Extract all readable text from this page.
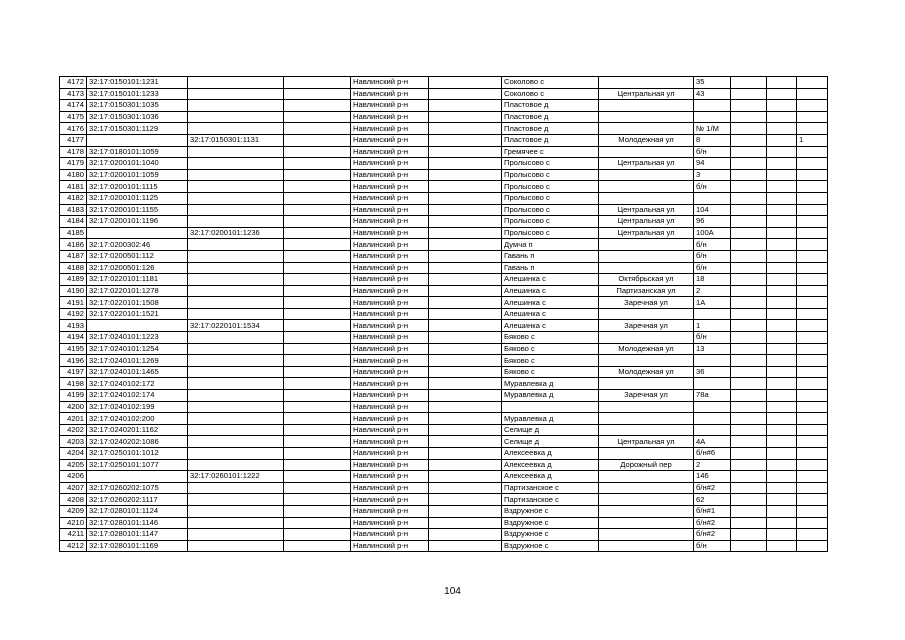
4172	32:17:0150101:1231			Навлинский р-н		Соколово с		35			
4173	32:17:0150101:1233			Навлинский р-н		Соколово с	Центральная ул	43			
4174	32:17:0150301:1035			Навлинский р-н		Пластовое д					
4175	32:17:0150301:1036			Навлинский р-н		Пластовое д					
4176	32:17:0150301:1129			Навлинский р-н		Пластовое д		№ 1/М			
4177		32:17:0150301:1131		Навлинский р-н		Пластовое д	Молодежная ул	8			1
4178	32:17:0180101:1059			Навлинский р-н		Гремячее с		б/н			
4179	32:17:0200101:1040			Навлинский р-н		Пролысово с	Центральная ул	94			
4180	32:17:0200101:1059			Навлинский р-н		Пролысово с		3			
4181	32:17:0200101:1115			Навлинский р-н		Пролысово с		б/н			
4182	32:17:0200101:1125			Навлинский р-н		Пролысово с					
4183	32:17:0200101:1155			Навлинский р-н		Пролысово с	Центральная ул	104			
4184	32:17:0200101:1196			Навлинский р-н		Пролысово с	Центральная ул	96			
4185		32:17:0200101:1236		Навлинский р-н		Пролысово с	Центральная ул	100А			
4186	32:17:0200302:46			Навлинский р-н		Думча п		б/н			
4187	32:17:0200501:112			Навлинский р-н		Гавань п		б/н			
4188	32:17:0200501:126			Навлинский р-н		Гавань п		б/н			
4189	32:17:0220101:1181			Навлинский р-н		Алешинка с	Октябрьская ул	18			
4190	32:17:0220101:1278			Навлинский р-н		Алешинка с	Партизанская ул	2			
4191	32:17:0220101:1508			Навлинский р-н		Алешинка с	Заречная ул	1А			
4192	32:17:0220101:1521			Навлинский р-н		Алешинка с					
4193		32:17:0220101:1534		Навлинский р-н		Алешинка с	Заречная ул	1			
4194	32:17:0240101:1223			Навлинский р-н		Бяково с		б/н			
4195	32:17:0240101:1254			Навлинский р-н		Бяково с	Молодежная ул	13			
4196	32:17:0240101:1269			Навлинский р-н		Бяково с					
4197	32:17:0240101:1465			Навлинский р-н		Бяково с	Молодежная ул	36			
4198	32:17:0240102:172			Навлинский р-н		Муравлевка д					
4199	32:17:0240102:174			Навлинский р-н		Муравлевка д	Заречная ул	78а			
4200	32:17:0240102:199			Навлинский р-н							
4201	32:17:0240102:200			Навлинский р-н		Муравлевка д					
4202	32:17:0240201:1162			Навлинский р-н		Селище д					
4203	32:17:0240202:1086			Навлинский р-н		Селище д	Центральная ул	4А			
4204	32:17:0250101:1012			Навлинский р-н		Алексеевка д		б/н#6			
4205	32:17:0250101:1077			Навлинский р-н		Алексеевка д	Дорожный пер	2			
4206		32:17:0260101:1222		Навлинский р-н		Алексеевка д		146			
4207	32:17:0260202:1075			Навлинский р-н		Партизанское с		б/н#2			
4208	32:17:0260202:1117			Навлинский р-н		Партизанское с		62			
4209	32:17:0280101:1124			Навлинский р-н		Вздружное с		б/н#1			
4210	32:17:0280101:1146			Навлинский р-н		Вздружное с		б/н#2			
4211	32:17:0280101:1147			Навлинский р-н		Вздружное с		б/н#2			
4212	32:17:0280101:1169			Навлинский р-н		Вздружное с		б/н			
104
